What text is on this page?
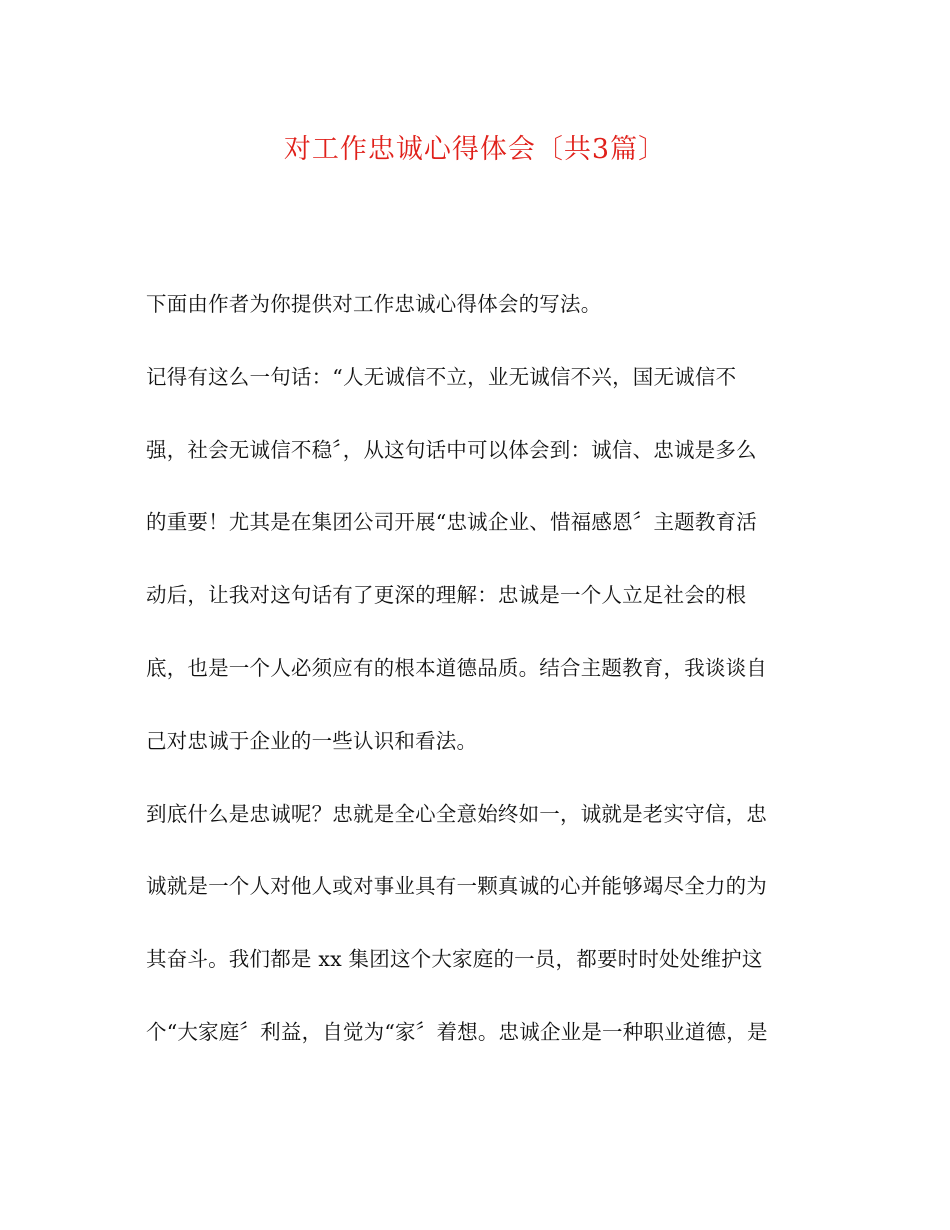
对工作忠诚心得体会〔共3篇〕
下面由作者为你提供对工作忠诚心得体会的写法。
记得有这么一句话：“人无诚信不立，业无诚信不兴，国无诚信不
强，社会无诚信不稳〞，从这句话中可以体会到：诚信、忠诚是多么
的重要！尤其是在集团公司开展“忠诚企业、惜福感恩〞主题教育活
动后，让我对这句话有了更深的理解：忠诚是一个人立足社会的根
底，也是一个人必须应有的根本道德品质。结合主题教育，我谈谈自
己对忠诚于企业的一些认识和看法。
到底什么是忠诚呢？忠就是全心全意始终如一，诚就是老实守信，忠
诚就是一个人对他人或对事业具有一颗真诚的心并能够竭尽全力的为
其奋斗。我们都是 xx 集团这个大家庭的一员，都要时时处处维护这
个“大家庭〞利益，自觉为“家〞着想。忠诚企业是一种职业道德，是
